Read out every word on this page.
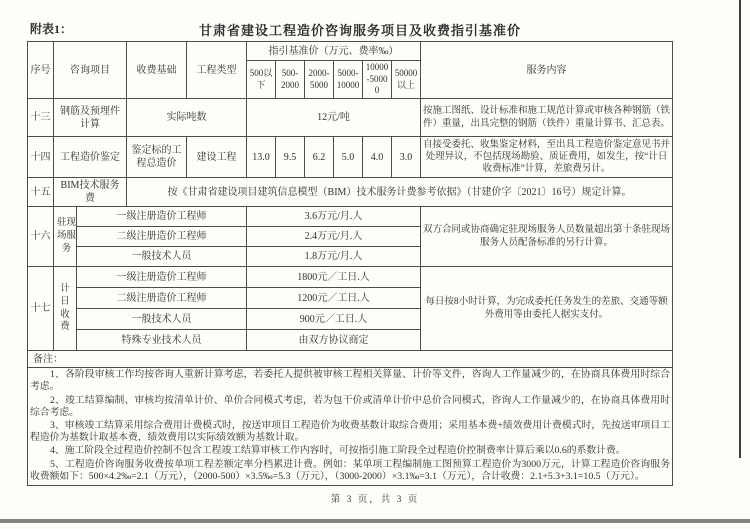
附表1：	甘肃省建设工程造价咨询服务项目及收费指引基准价
序号	咨询项目		收费基础	工程类型	指引基准价（万元、费率‰）						服务内容
					500以下	500-2000	2000-5000	5000-10000	10000-50000	50000以上	
十三	钢筋及预埋件计算		实际吨数		12元/吨						按施工图纸、设计标准和施工规范计算或审核各种钢筋（铁件）重量，出具完整的钢筋（铁件）重量计算书、汇总表。
十四	工程造价鉴定		鉴定标的工程总造价	建设工程	13.0	9.5	6.2	5.0	4.0	3.0	自接受委托、收集鉴定材料，至出具工程造价鉴定意见书并处理异议，不包括现场勘验、质证费用，如发生，按“计日收费标准”计算，差旅费另计。
十五	BIM技术服务费		按《甘肃省建设项目建筑信息模型（BIM）技术服务计费参考依据》（甘建价字〔2021〕16号）规定计算。								
十六	驻现场服务	一级注册造价工程师			3.6万元/月.人						双方合同或协商确定驻现场服务人员数量超出第十条驻现场服务人员配备标准的另行计算。
		二级注册造价工程师			2.4万元/月.人						
		一般技术人员			1.8万元/月.人						
十七	计日收费	一级注册造价工程师			1800元／工日.人						每日按8小时计算，为完成委托任务发生的差旅、交通等额外费用等由委托人据实支付。
		二级注册造价工程师			1200元／工日.人						
		一般技术人员			900元／工日.人						
		特殊专业技术人员			由双方协议商定						
备注：											

1、各阶段审核工作均按咨询人重新计算考虑，若委托人提供被审核工程相关算量、计价等文件，咨询人工作量减少的，在协商具体费用时综合考虑。

2、竣工结算编制、审核均按清单计价、单价合同模式考虑，若为包干价或清单计价中总价合同模式，咨询人工作量减少的，在协商具体费用时综合考虑。

3、审核竣工结算采用综合费用计费模式时，按送审项目工程造价为收费基数计取综合费用；采用基本费+绩效费用计费模式时，先按送审项目工程造价为基数计取基本费，绩效费用以实际绩效额为基数计取。

4、施工阶段全过程造价控制不包含工程竣工结算审核工作内容时，可按指引施工阶段全过程造价控制费率计算后乘以0.6的系数计费。

5、工程造价咨询服务收费按单项工程差额定率分档累进计费。例如：某单项工程编制施工图预算工程造价为3000万元，计算工程造价咨询服务收费额如下：500×4.2‰=2.1（万元），（2000-500）×3.5‰=5.3（万元），（3000-2000）×3.1‰=3.1（万元），合计收费：2.1+5.3+3.1=10.5（万元）。											

第 3 页，共 3 页
